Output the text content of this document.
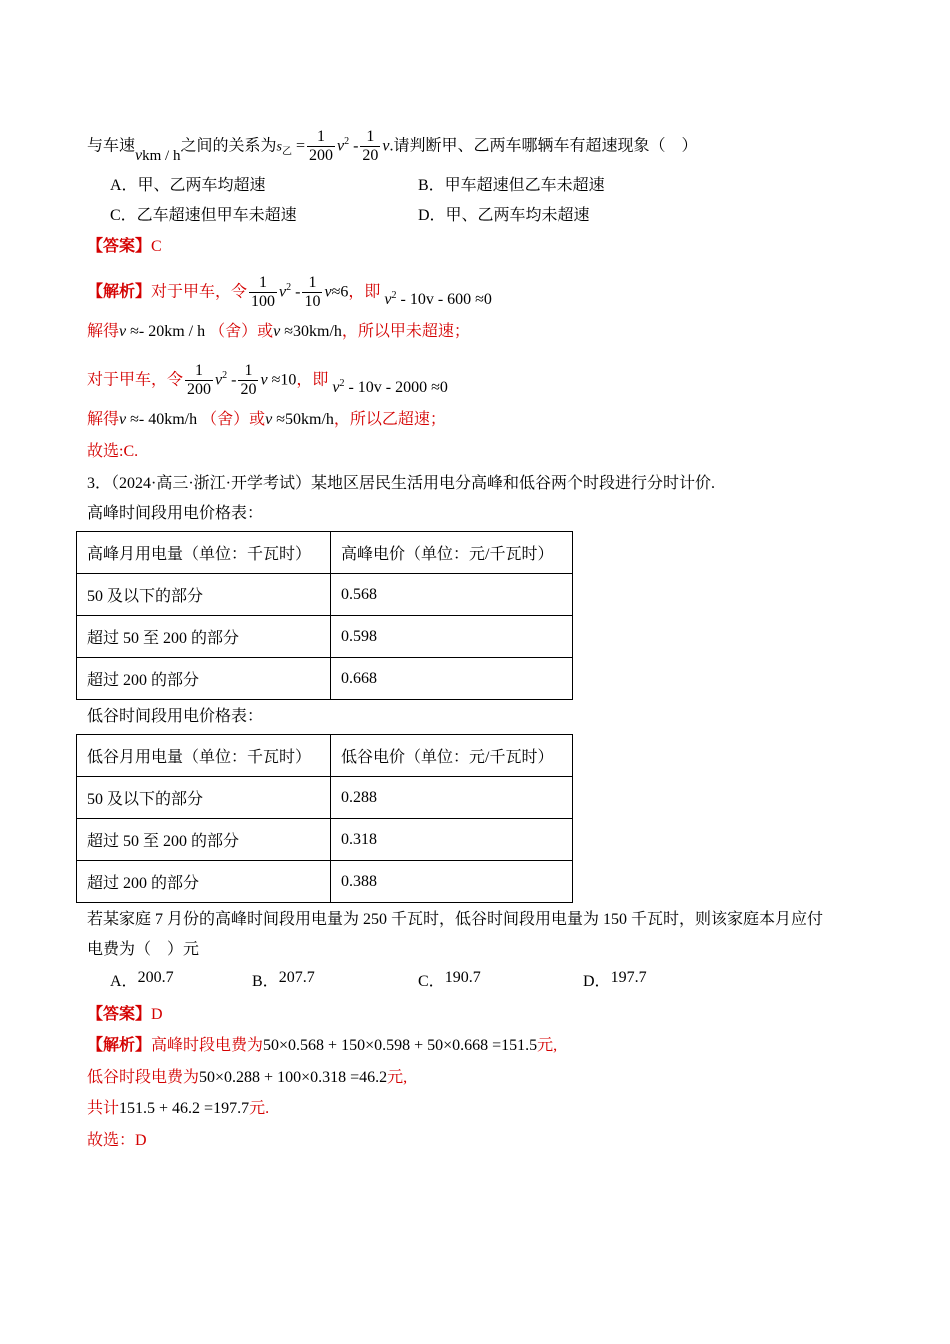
与车速vkm / h之间的关系为$s_乙 = \frac{1}{200} v^2 - \frac{1}{20} v$.请判断甲、乙两车哪辆车有超速现象（　）
A．甲、乙两车均超速	B．甲车超速但乙车未超速
C．乙车超速但甲车未超速	D．甲、乙两车均未超速
【答案】C
【解析】对于甲车，令 $\frac{1}{100} v^2 - \frac{1}{10} v\approx 6$，即 $v^2 - 10v - 600 \approx 0$
解得v ≈- 20km / h （舍）或v ≈30km/h，所以甲未超速；
对于甲车，令 $\frac{1}{200} v^2 - \frac{1}{20}$ v ≈10，即 $v^2 - 10v - 2000 \approx 0$
解得v ≈- 40km/h （舍）或v ≈50km/h，所以乙超速；
故选:C.
3．（2024·高三·浙江·开学考试）某地区居民生活用电分高峰和低谷两个时段进行分时计价.
高峰时间段用电价格表：
高峰月用电量（单位：千瓦时）	高峰电价（单位：元/千瓦时）
50 及以下的部分	0.568
超过 50 至 200 的部分	0.598
超过 200 的部分	0.668
低谷时间段用电价格表：
低谷月用电量（单位：千瓦时）	低谷电价（单位：元/千瓦时）
50 及以下的部分	0.288
超过 50 至 200 的部分	0.318
超过 200 的部分	0.388
若某家庭 7 月份的高峰时间段用电量为 250 千瓦时，低谷时间段用电量为 150 千瓦时，则该家庭本月应付
电费为（　）元
A．200.7	B．207.7	C．190.7	D．197.7
【答案】D
【解析】高峰时段电费为50×0.568 + 150×0.598 + 50×0.668 =151.5元,
低谷时段电费为50×0.288 + 100×0.318 =46.2元,
共计151.5 + 46.2 =197.7元.
故选：D
